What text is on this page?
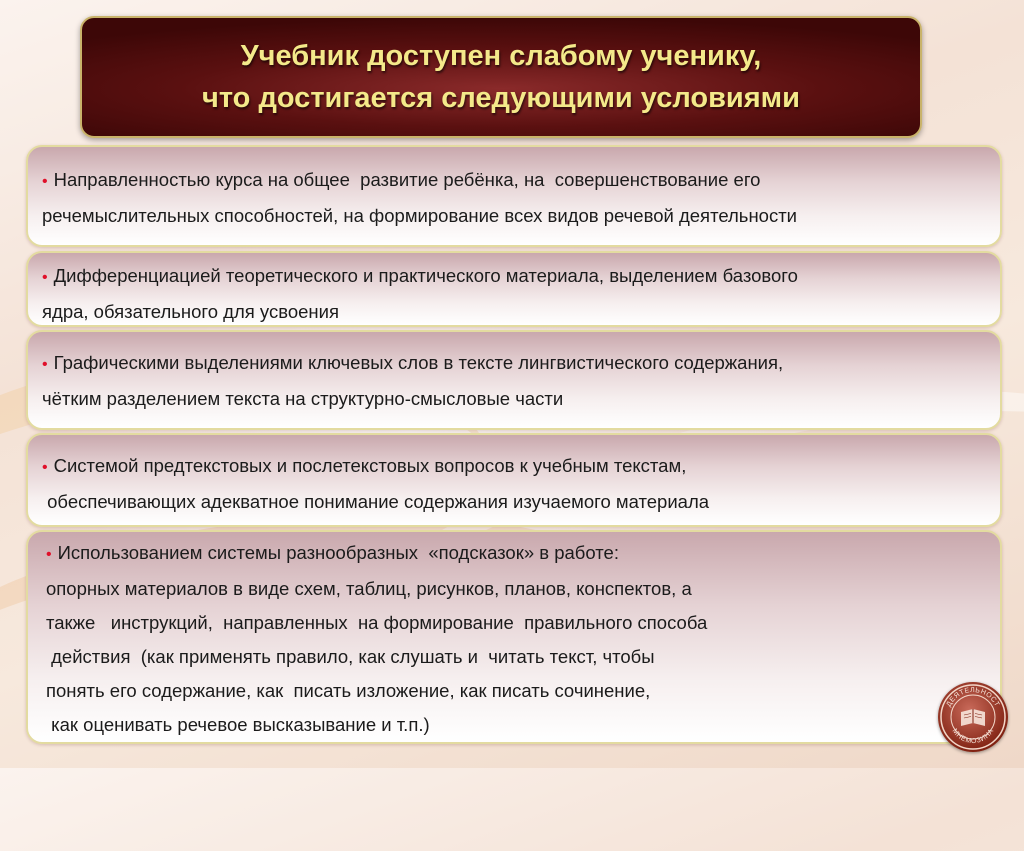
Учебник доступен слабому ученику,
что достигается следующими условиями
• Направленностью курса на общее  развитие ребёнка, на  совершенствование его
речемыслительных способностей, на формирование всех видов речевой деятельности
• Дифференциацией теоретического и практического материала, выделением базового
ядра, обязательного для усвоения
• Графическими выделениями ключевых слов в тексте лингвистического содержания,
чётким разделением текста на структурно-смысловые части
• Системой предтекстовых и послетекстовых вопросов к учебным текстам,
обеспечивающих адекватное понимание содержания изучаемого материала
• Использованием системы разнообразных  «подсказок» в работе:
опорных материалов в виде схем, таблиц, рисунков, планов, конспектов, а
также   инструкций,  направленных  на формирование  правильного способа
действия  (как применять правило, как слушать и  читать текст, чтобы
понять его содержание, как  писать изложение, как писать сочинение,
как оценивать речевое высказывание и т.п.)
ДЕЯТЕЛЬНОСТ
МНЕМОЗИНА
